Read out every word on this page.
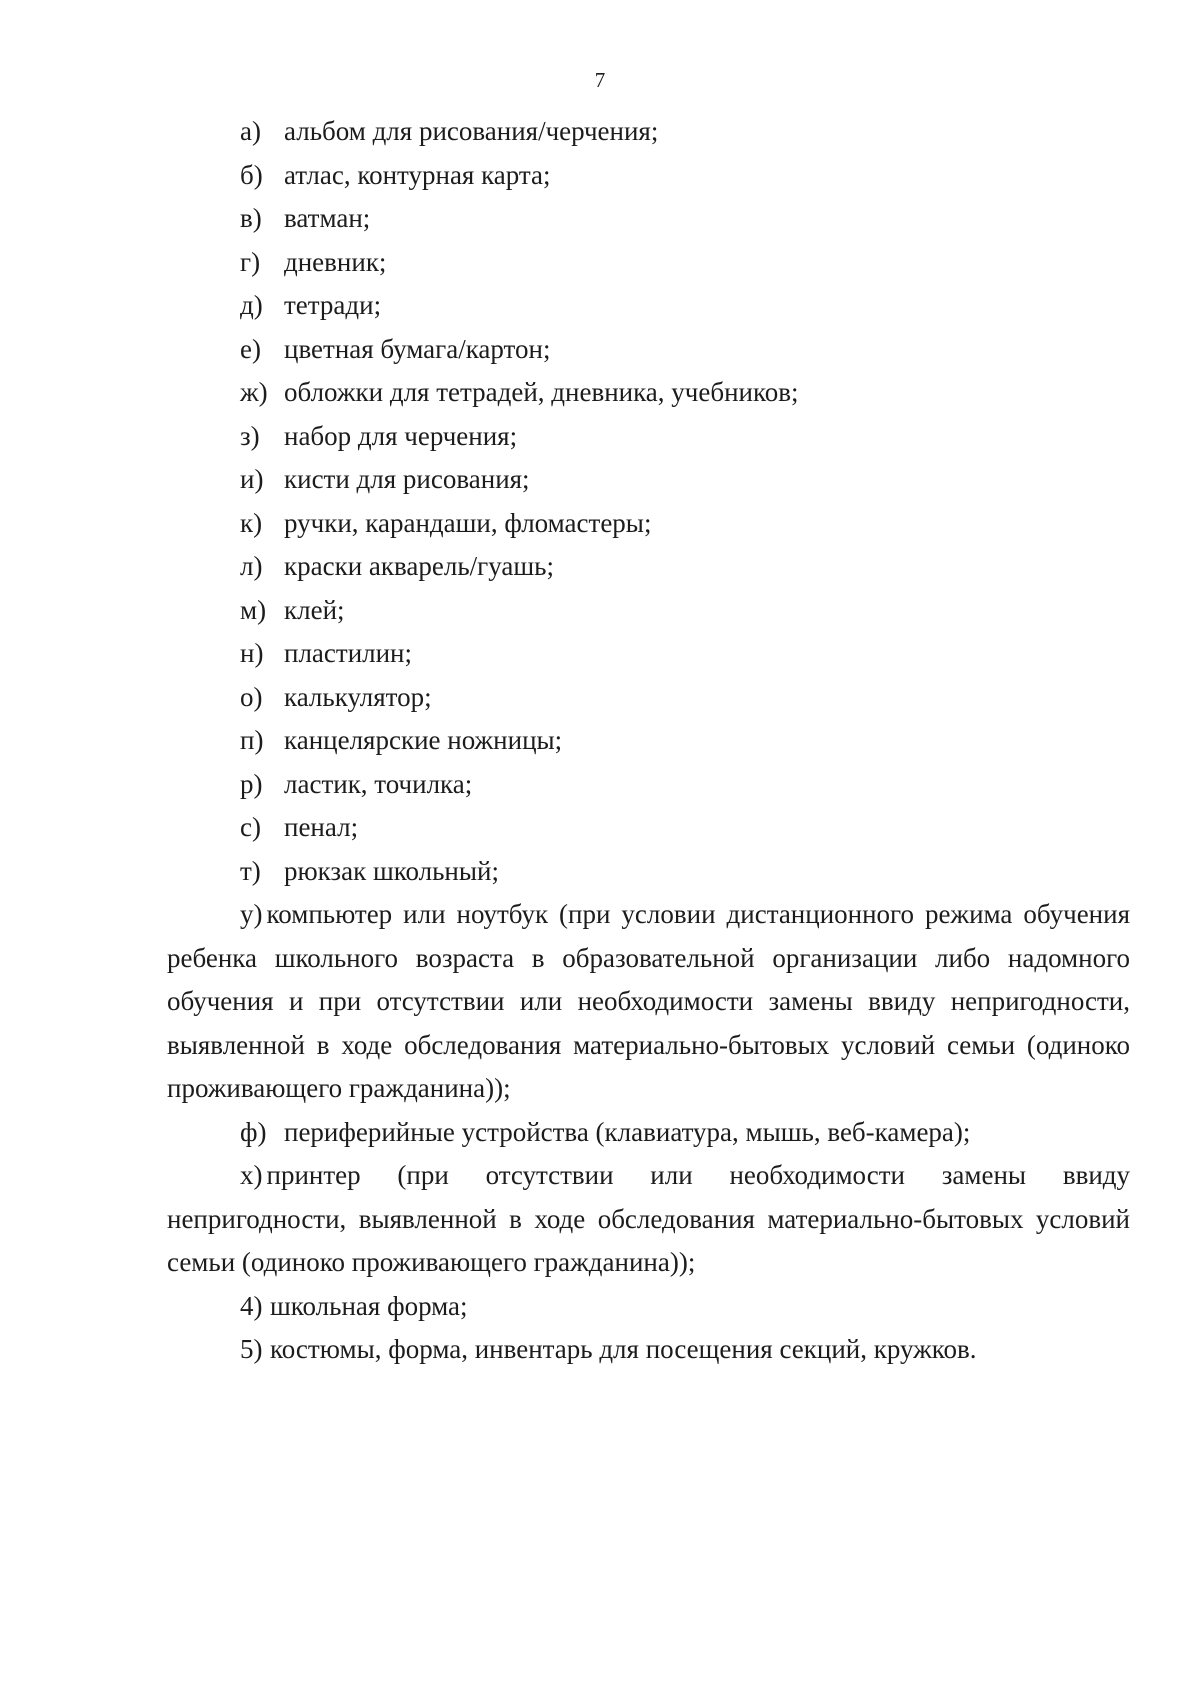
7
а) альбом для рисования/черчения;
б) атлас, контурная карта;
в) ватман;
г) дневник;
д) тетради;
е) цветная бумага/картон;
ж) обложки для тетрадей, дневника, учебников;
з) набор для черчения;
и) кисти для рисования;
к) ручки, карандаши, фломастеры;
л) краски акварель/гуашь;
м) клей;
н) пластилин;
о) калькулятор;
п) канцелярские ножницы;
р) ластик, точилка;
с) пенал;
т) рюкзак школьный;
у) компьютер или ноутбук (при условии дистанционного режима обучения ребенка школьного возраста в образовательной организации либо надомного обучения и при отсутствии или необходимости замены ввиду непригодности, выявленной в ходе обследования материально-бытовых условий семьи (одиноко проживающего гражданина));
ф) периферийные устройства (клавиатура, мышь, веб-камера);
х) принтер (при отсутствии или необходимости замены ввиду непригодности, выявленной в ходе обследования материально-бытовых условий семьи (одиноко проживающего гражданина));
4) школьная форма;
5) костюмы, форма, инвентарь для посещения секций, кружков.
